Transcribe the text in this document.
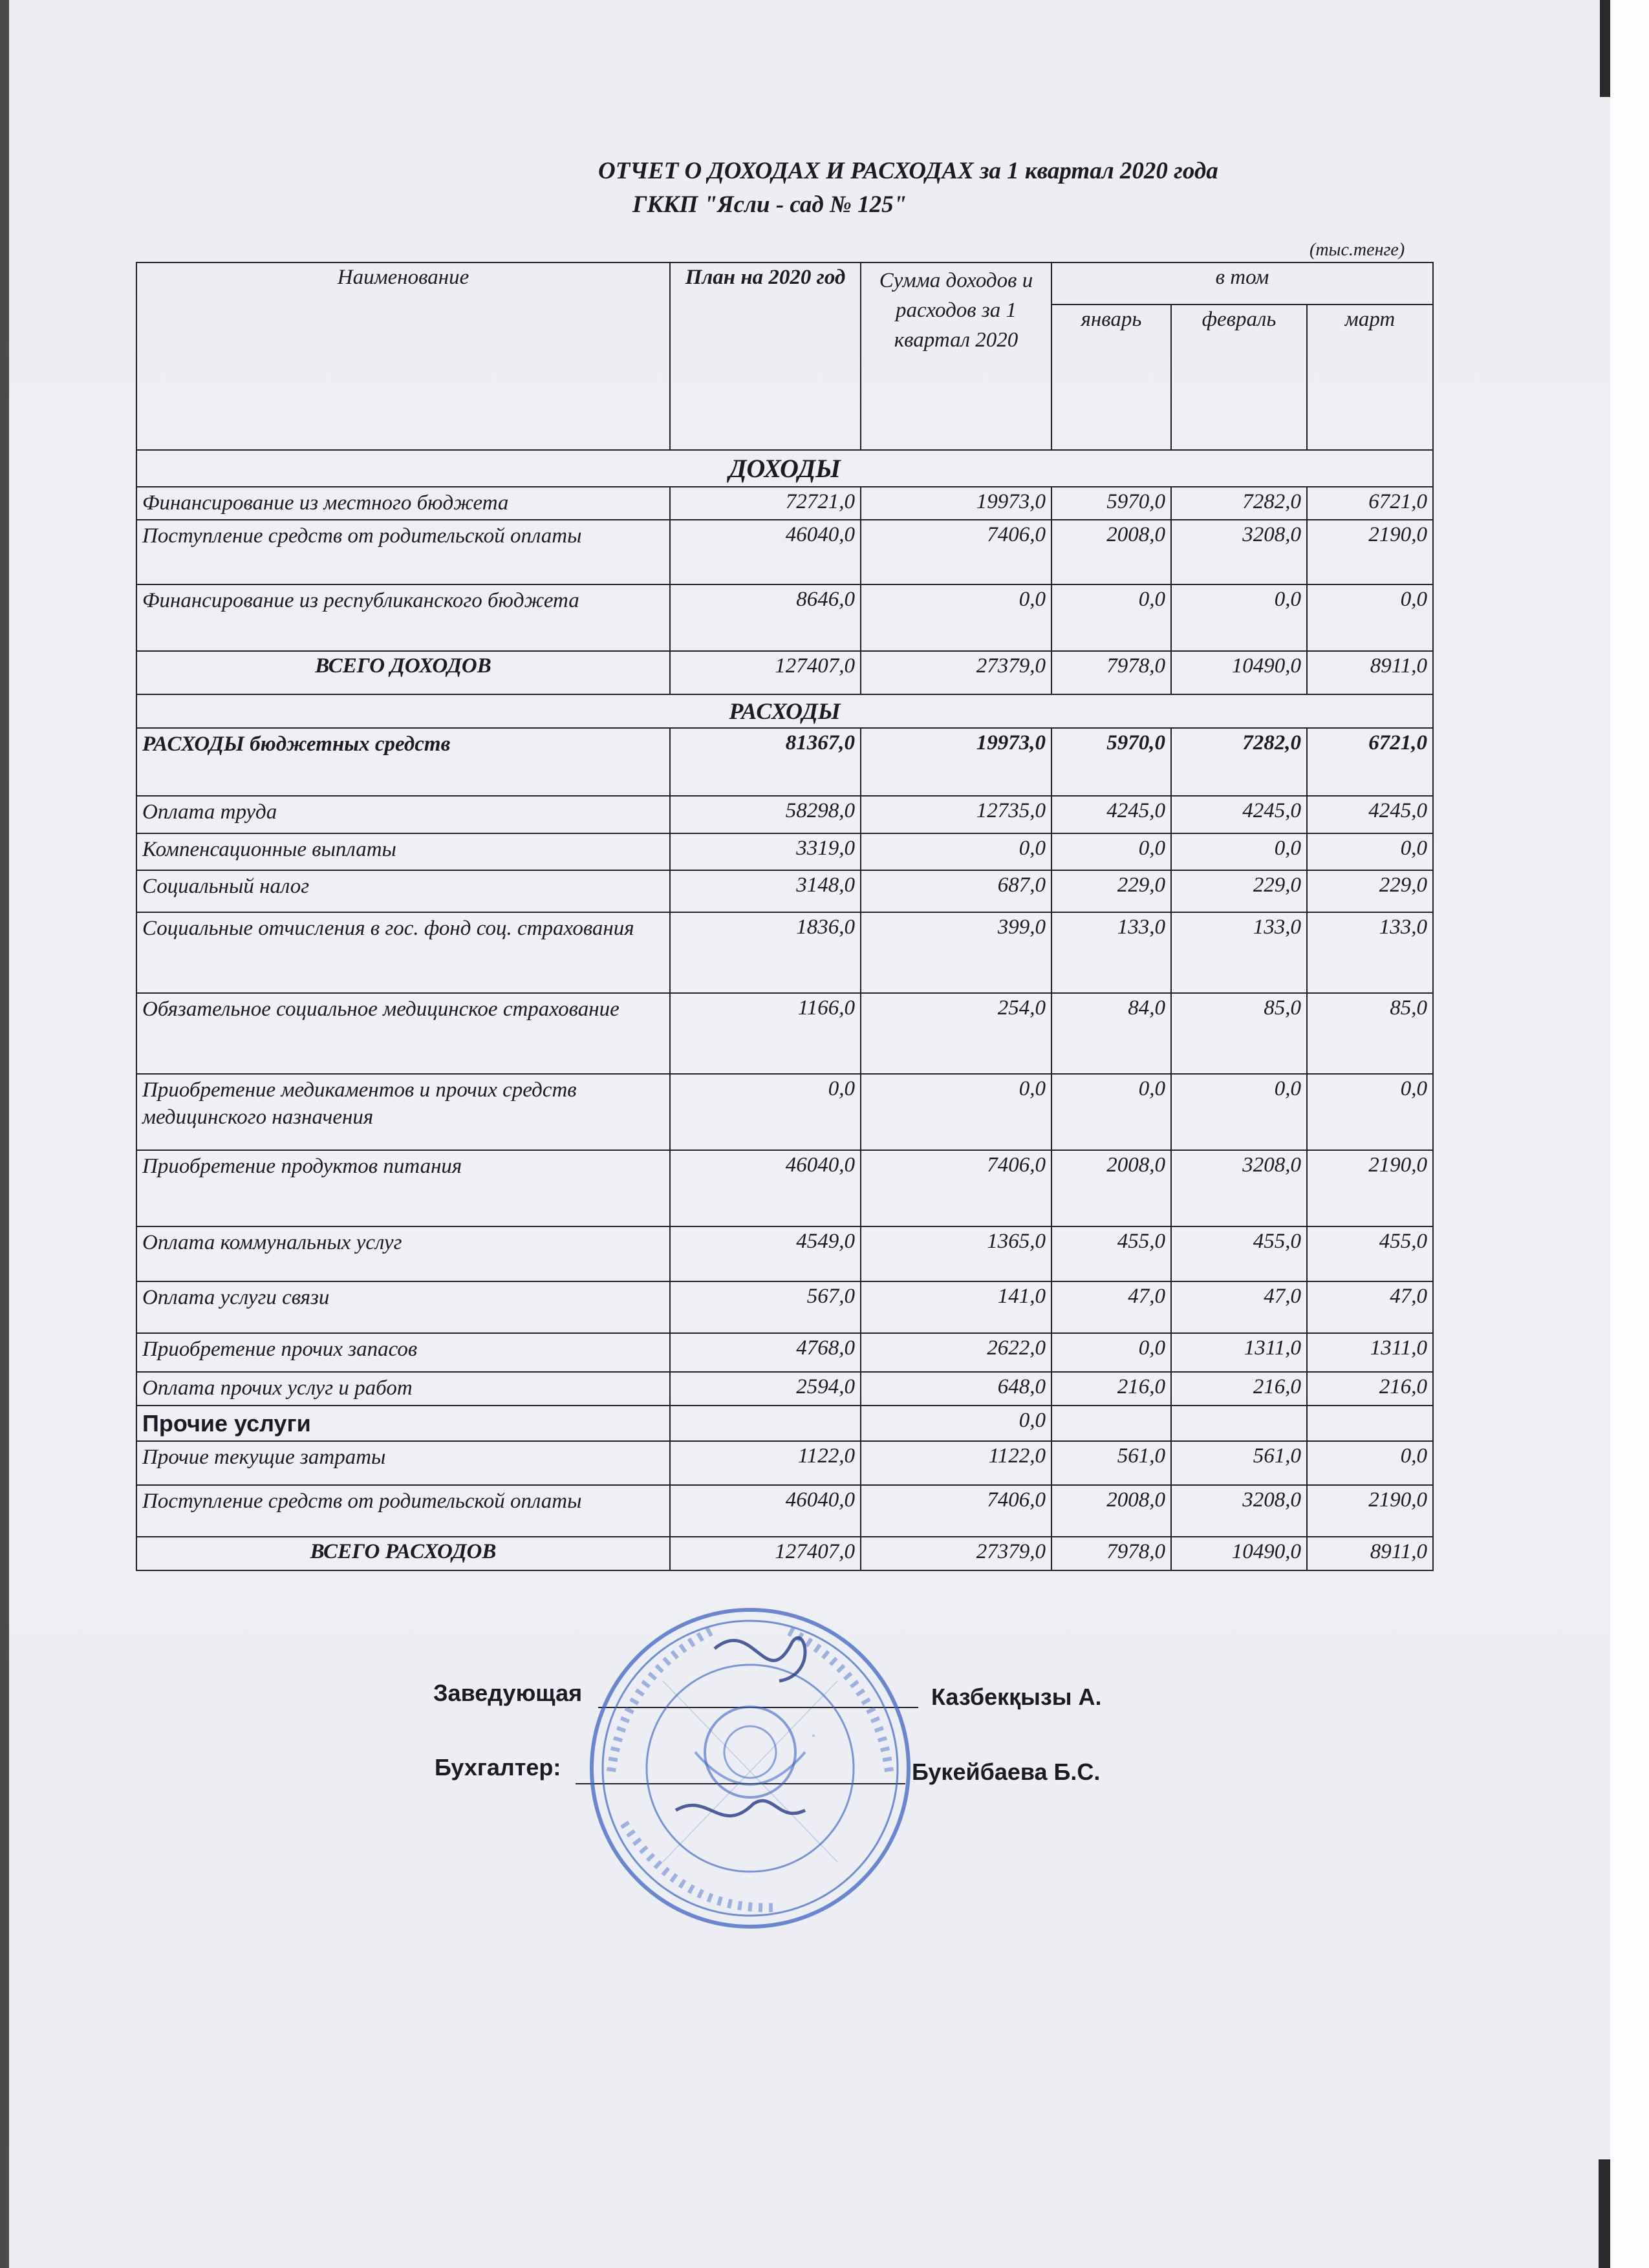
ОТЧЕТ О ДОХОДАХ И РАСХОДАХ за 1 квартал 2020 года
ГККП "Ясли - сад № 125"
(тыс.тенге)
Наименование	План на 2020 год	Сумма доходов и расходов за 1 квартал 2020	в том		
			январь	февраль	март
ДОХОДЫ					
Финансирование из местного бюджета	72721,0	19973,0	5970,0	7282,0	6721,0
Поступление средств от родительской оплаты	46040,0	7406,0	2008,0	3208,0	2190,0
Финансирование из республиканского бюджета	8646,0	0,0	0,0	0,0	0,0
ВСЕГО ДОХОДОВ	127407,0	27379,0	7978,0	10490,0	8911,0
РАСХОДЫ					
РАСХОДЫ бюджетных средств	81367,0	19973,0	5970,0	7282,0	6721,0
Оплата труда	58298,0	12735,0	4245,0	4245,0	4245,0
Компенсационные выплаты	3319,0	0,0	0,0	0,0	0,0
Социальный налог	3148,0	687,0	229,0	229,0	229,0
Социальные отчисления в гос. фонд соц. страхования	1836,0	399,0	133,0	133,0	133,0
Обязательное социальное медицинское страхование	1166,0	254,0	84,0	85,0	85,0
Приобретение медикаментов и прочих средств медицинского назначения	0,0	0,0	0,0	0,0	0,0
Приобретение продуктов питания	46040,0	7406,0	2008,0	3208,0	2190,0
Оплата коммунальных услуг	4549,0	1365,0	455,0	455,0	455,0
Оплата услуги связи	567,0	141,0	47,0	47,0	47,0
Приобретение прочих запасов	4768,0	2622,0	0,0	1311,0	1311,0
Оплата прочих услуг и работ	2594,0	648,0	216,0	216,0	216,0
Прочие услуги		0,0			
Прочие текущие затраты	1122,0	1122,0	561,0	561,0	0,0
Поступление средств от родительской оплаты	46040,0	7406,0	2008,0	3208,0	2190,0
ВСЕГО РАСХОДОВ	127407,0	27379,0	7978,0	10490,0	8911,0
Заведующая	Казбекқызы А.
Бухгалтер:	Букейбаева Б.С.
*
